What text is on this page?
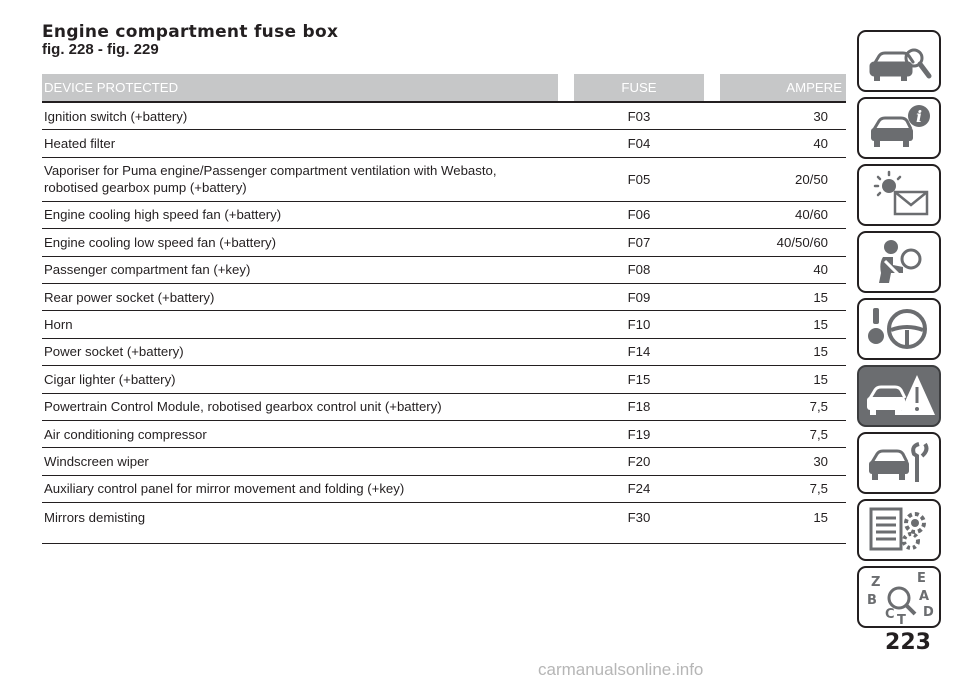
Engine compartment fuse box
fig. 228 - fig. 229
DEVICE PROTECTED		FUSE		AMPERE
Ignition switch (+battery)	F03			30
Heated filter	F04			40
Vaporiser for Puma engine/Passenger compartment ventilation with Webasto,
robotised gearbox pump (+battery)	F05			20/50
Engine cooling high speed fan (+battery)	F06			40/60
Engine cooling low speed fan (+battery)	F07			40/50/60
Passenger compartment fan (+key)	F08			40
Rear power socket (+battery)	F09			15
Horn	F10			15
Power socket (+battery)	F14			15
Cigar lighter (+battery)	F15			15
Powertrain Control Module, robotised gearbox control unit (+battery)	F18			7,5
Air conditioning compressor	F19			7,5
Windscreen wiper	F20			30
Auxiliary control panel for mirror movement and folding (+key)	F24			7,5
Mirrors demisting	F30			15
i
Z	E
B	A
C D
T
223
carmanualsonline.info
